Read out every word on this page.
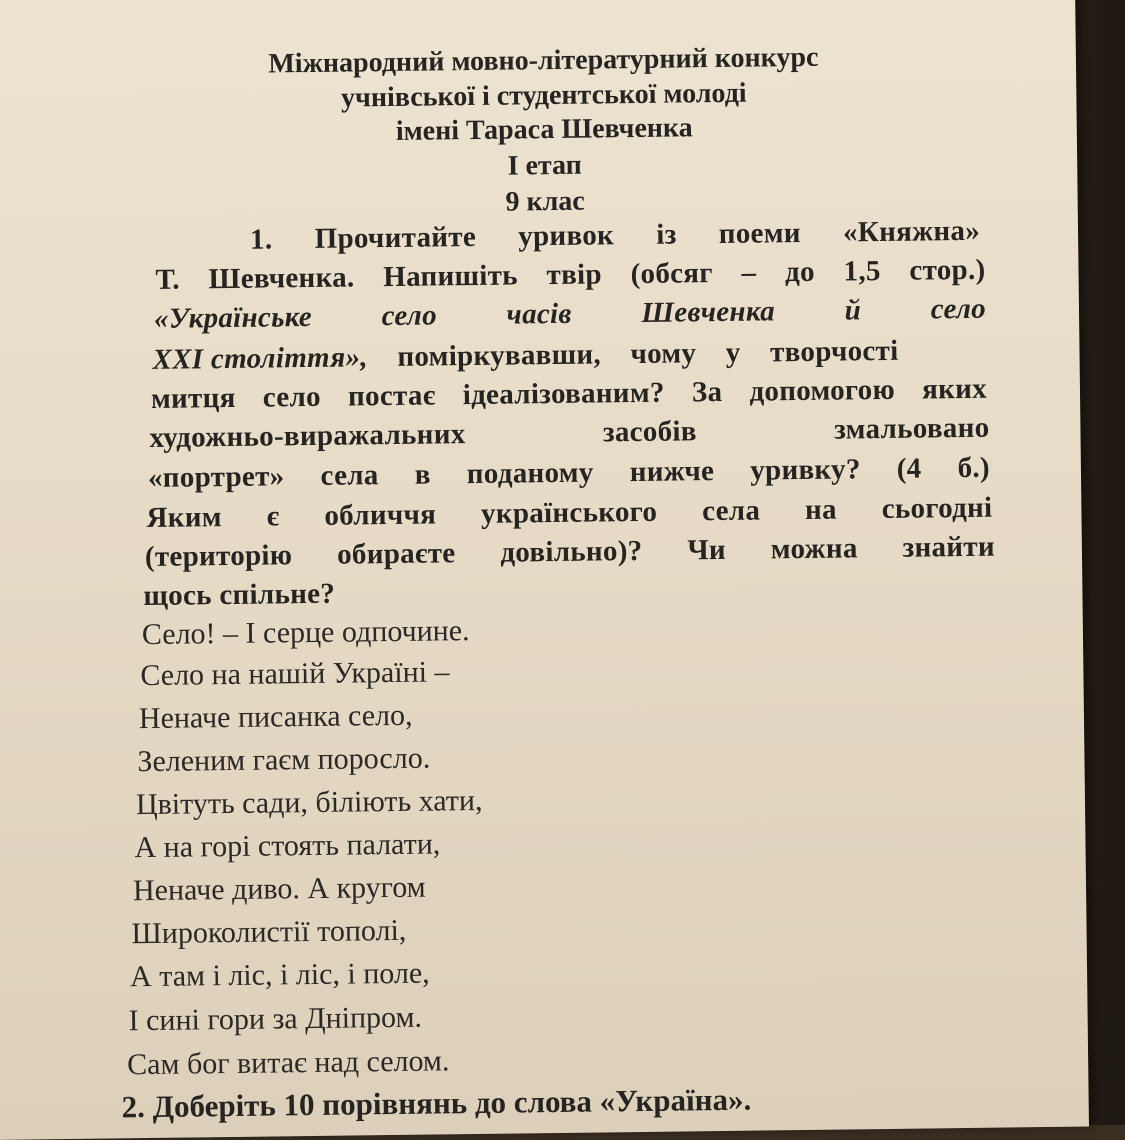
Міжнародний мовно-літературний конкурс

учнівської і студентської молоді

імені Тараса Шевченка

І етап

9 клас

1. Прочитайте уривок із поеми «Княжна»

Т. Шевченка. Напишіть твір (обсяг – до 1,5 стор.)

«Українське село часів Шевченка й село

XXI століття», поміркувавши, чому у творчості

митця село постає ідеалізованим? За допомогою яких

художньо-виражальних засобів змальовано

«портрет» села в поданому нижче уривку? (4 б.)

Яким є обличчя українського села на сьогодні

(територію обираєте довільно)? Чи можна знайти

щось спільне?

Село! – І серце одпочине.

Село на нашій Україні –

Неначе писанка село,

Зеленим гаєм поросло.

Цвітуть сади, біліють хати,

А на горі стоять палати,

Неначе диво. А кругом

Широколистії тополі,

А там і ліс, і ліс, і поле,

І сині гори за Дніпром.

Сам бог витає над селом.

2. Доберіть 10 порівнянь до слова «Україна».
